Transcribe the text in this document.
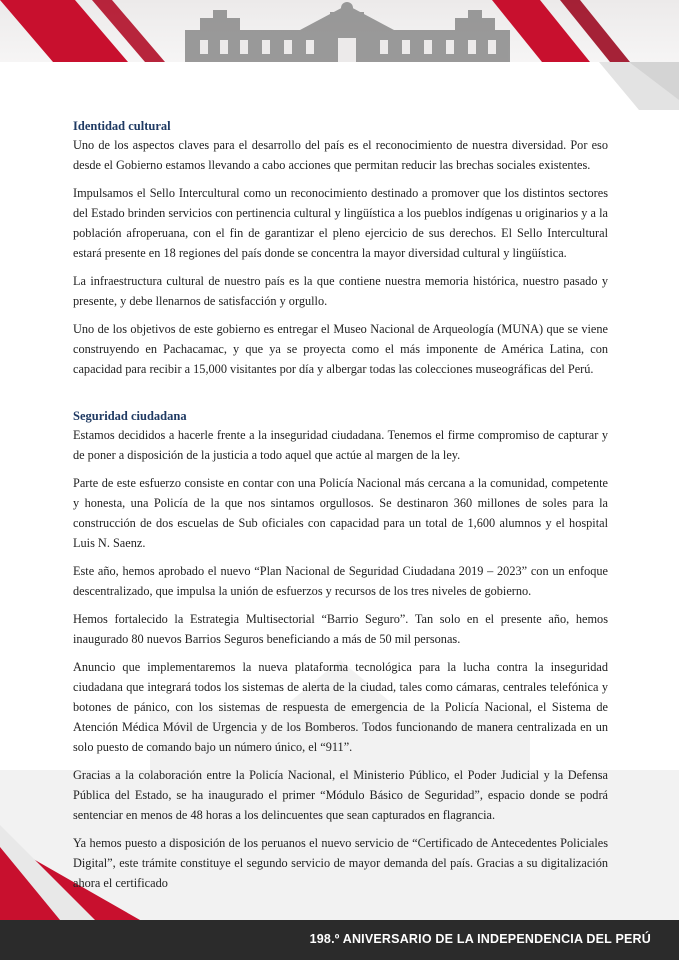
Identidad cultural

Uno de los aspectos claves para el desarrollo del país es el reconocimiento de nuestra diversidad. Por eso desde el Gobierno estamos llevando a cabo acciones que permitan reducir las brechas sociales existentes.

Impulsamos el Sello Intercultural como un reconocimiento destinado a promover que los distintos sectores del Estado brinden servicios con pertinencia cultural y lingüística a los pueblos indígenas u originarios y a la población afroperuana, con el fin de garantizar el pleno ejercicio de sus derechos. El Sello Intercultural estará presente en 18 regiones del país donde se concentra la mayor diversidad cultural y lingüística.

La infraestructura cultural de nuestro país es la que contiene nuestra memoria histórica, nuestro pasado y presente, y debe llenarnos de satisfacción y orgullo.

Uno de los objetivos de este gobierno es entregar el Museo Nacional de Arqueología (MUNA) que se viene construyendo en Pachacamac, y que ya se proyecta como el más imponente de América Latina, con capacidad para recibir a 15,000 visitantes por día y albergar todas las colecciones museográficas del Perú.

Seguridad ciudadana

Estamos decididos a hacerle frente a la inseguridad ciudadana. Tenemos el firme compromiso de capturar y de poner a disposición de la justicia a todo aquel que actúe al margen de la ley.

Parte de este esfuerzo consiste en contar con una Policía Nacional más cercana a la comunidad, competente y honesta, una Policía de la que nos sintamos orgullosos. Se destinaron 360 millones de soles para la construcción de dos escuelas de Sub oficiales con capacidad para un total de 1,600 alumnos y el hospital Luis N. Saenz.

Este año, hemos aprobado el nuevo “Plan Nacional de Seguridad Ciudadana 2019 – 2023” con un enfoque descentralizado, que impulsa la unión de esfuerzos y recursos de los tres niveles de gobierno.

Hemos fortalecido la Estrategia Multisectorial “Barrio Seguro”. Tan solo en el presente año, hemos inaugurado 80 nuevos Barrios Seguros beneficiando a más de 50 mil personas.

Anuncio que implementaremos la nueva plataforma tecnológica para la lucha contra la inseguridad ciudadana que integrará todos los sistemas de alerta de la ciudad, tales como cámaras, centrales telefónica y botones de pánico, con los sistemas de respuesta de emergencia de la Policía Nacional, el Sistema de Atención Médica Móvil de Urgencia y de los Bomberos. Todos funcionando de manera centralizada en un solo puesto de comando bajo un número único, el “911”.

Gracias a la colaboración entre la Policía Nacional, el Ministerio Público, el Poder Judicial y la Defensa Pública del Estado, se ha inaugurado el primer “Módulo Básico de Seguridad”, espacio donde se podrá sentenciar en menos de 48 horas a los delincuentes que sean capturados en flagrancia.

Ya hemos puesto a disposición de los peruanos el nuevo servicio de “Certificado de Antecedentes Policiales Digital”, este trámite constituye el segundo servicio de mayor demanda del país. Gracias a su digitalización ahora el certificado

198.º ANIVERSARIO DE LA INDEPENDENCIA DEL PERÚ
